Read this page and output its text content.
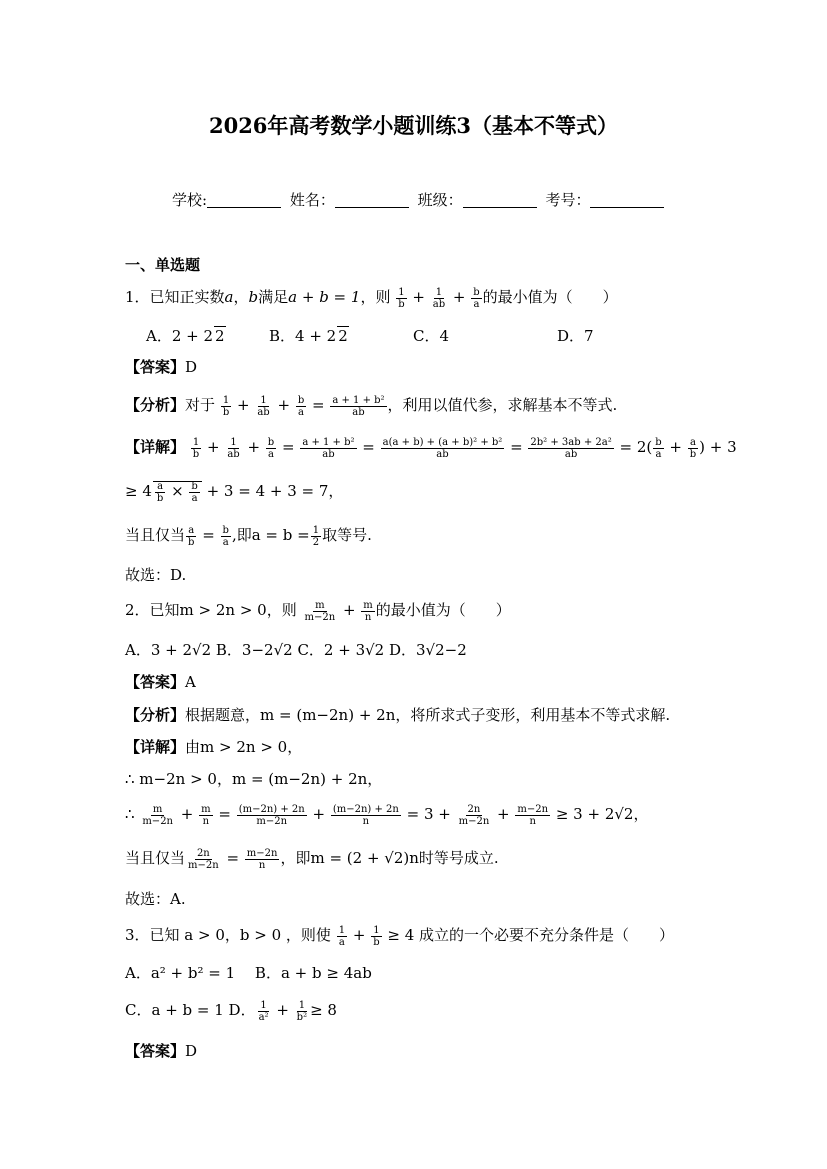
2026年高考数学小题训练3（基本不等式）
学校:	姓名：	班级：	考号：
一、单选题
1．已知正实数a，b满足a + b = 1，则 $\frac{1}{b} + \frac{1}{ab} + \frac{b}{a}$ 的最小值为（　　）
A．2 + 2 2	B．4 + 2 2	C．4	D．7
【答案】D
【分析】对于 $\frac{1}{b} + \frac{1}{ab} + \frac{b}{a} = \frac{\text{a + 1 + b²}}{ab}$ ，利用以值代参，求解基本不等式.
【详解】 $\frac{1}{b} + \frac{1}{ab} + \frac{b}{a} = \frac{\text{a + 1 + b²}}{ab} = \frac{\text{a(a + b) + (a + b)² + b²}}{ab} = \frac{\text{2b² + 3ab + 2a²}}{ab} = 2( \frac{b}{a} + \frac{a}{b}$ ) + 3
≥ $4 \frac{a}{b} \times \frac{b}{a} + 3 = 4 + 3 = 7$，
当且仅当 $\frac{a}{b} = \frac{b}{a}$ ,即$a = b = \frac{1}{2}$ 取等号.
故选：D.
2．已知m > 2n > 0，则 $\frac{m}{m-2n} + \frac{m}{n}$ 的最小值为（　　）
A．3 + 2√2 B．3−2√2 C．2 + 3√2 D．3√2−2
【答案】A
【分析】根据题意，m = (m−2n) + 2n，将所求式子变形，利用基本不等式求解.
【详解】由m > 2n > 0，
∴ m−2n > 0，m = (m−2n) + 2n，
∴ $\frac{m}{m-2n} + \frac{m}{n} = \frac{(m-2n) + 2n}{m-2n} + \frac{(m-2n) + 2n}{n} = 3 + \frac{2n}{m-2n} + \frac{m-2n}{n} \ge 3 + 2√2$，
当且仅当 $\frac{2n}{m-2n} = \frac{m-2n}{n}$ ，即m = (2 + √2)n时等号成立.
故选：A.
3．已知 a > 0，b > 0 ，则使 $\frac{1}{a} + \frac{1}{b} \ge 4$ 成立的一个必要不充分条件是（　　）
A．a² + b² = 1　 B．a + b ≥ 4ab
C．a + b = 1 D． $\frac{1}{\text{a²}} + \frac{1}{\text{b²}} \ge 8$
【答案】D
